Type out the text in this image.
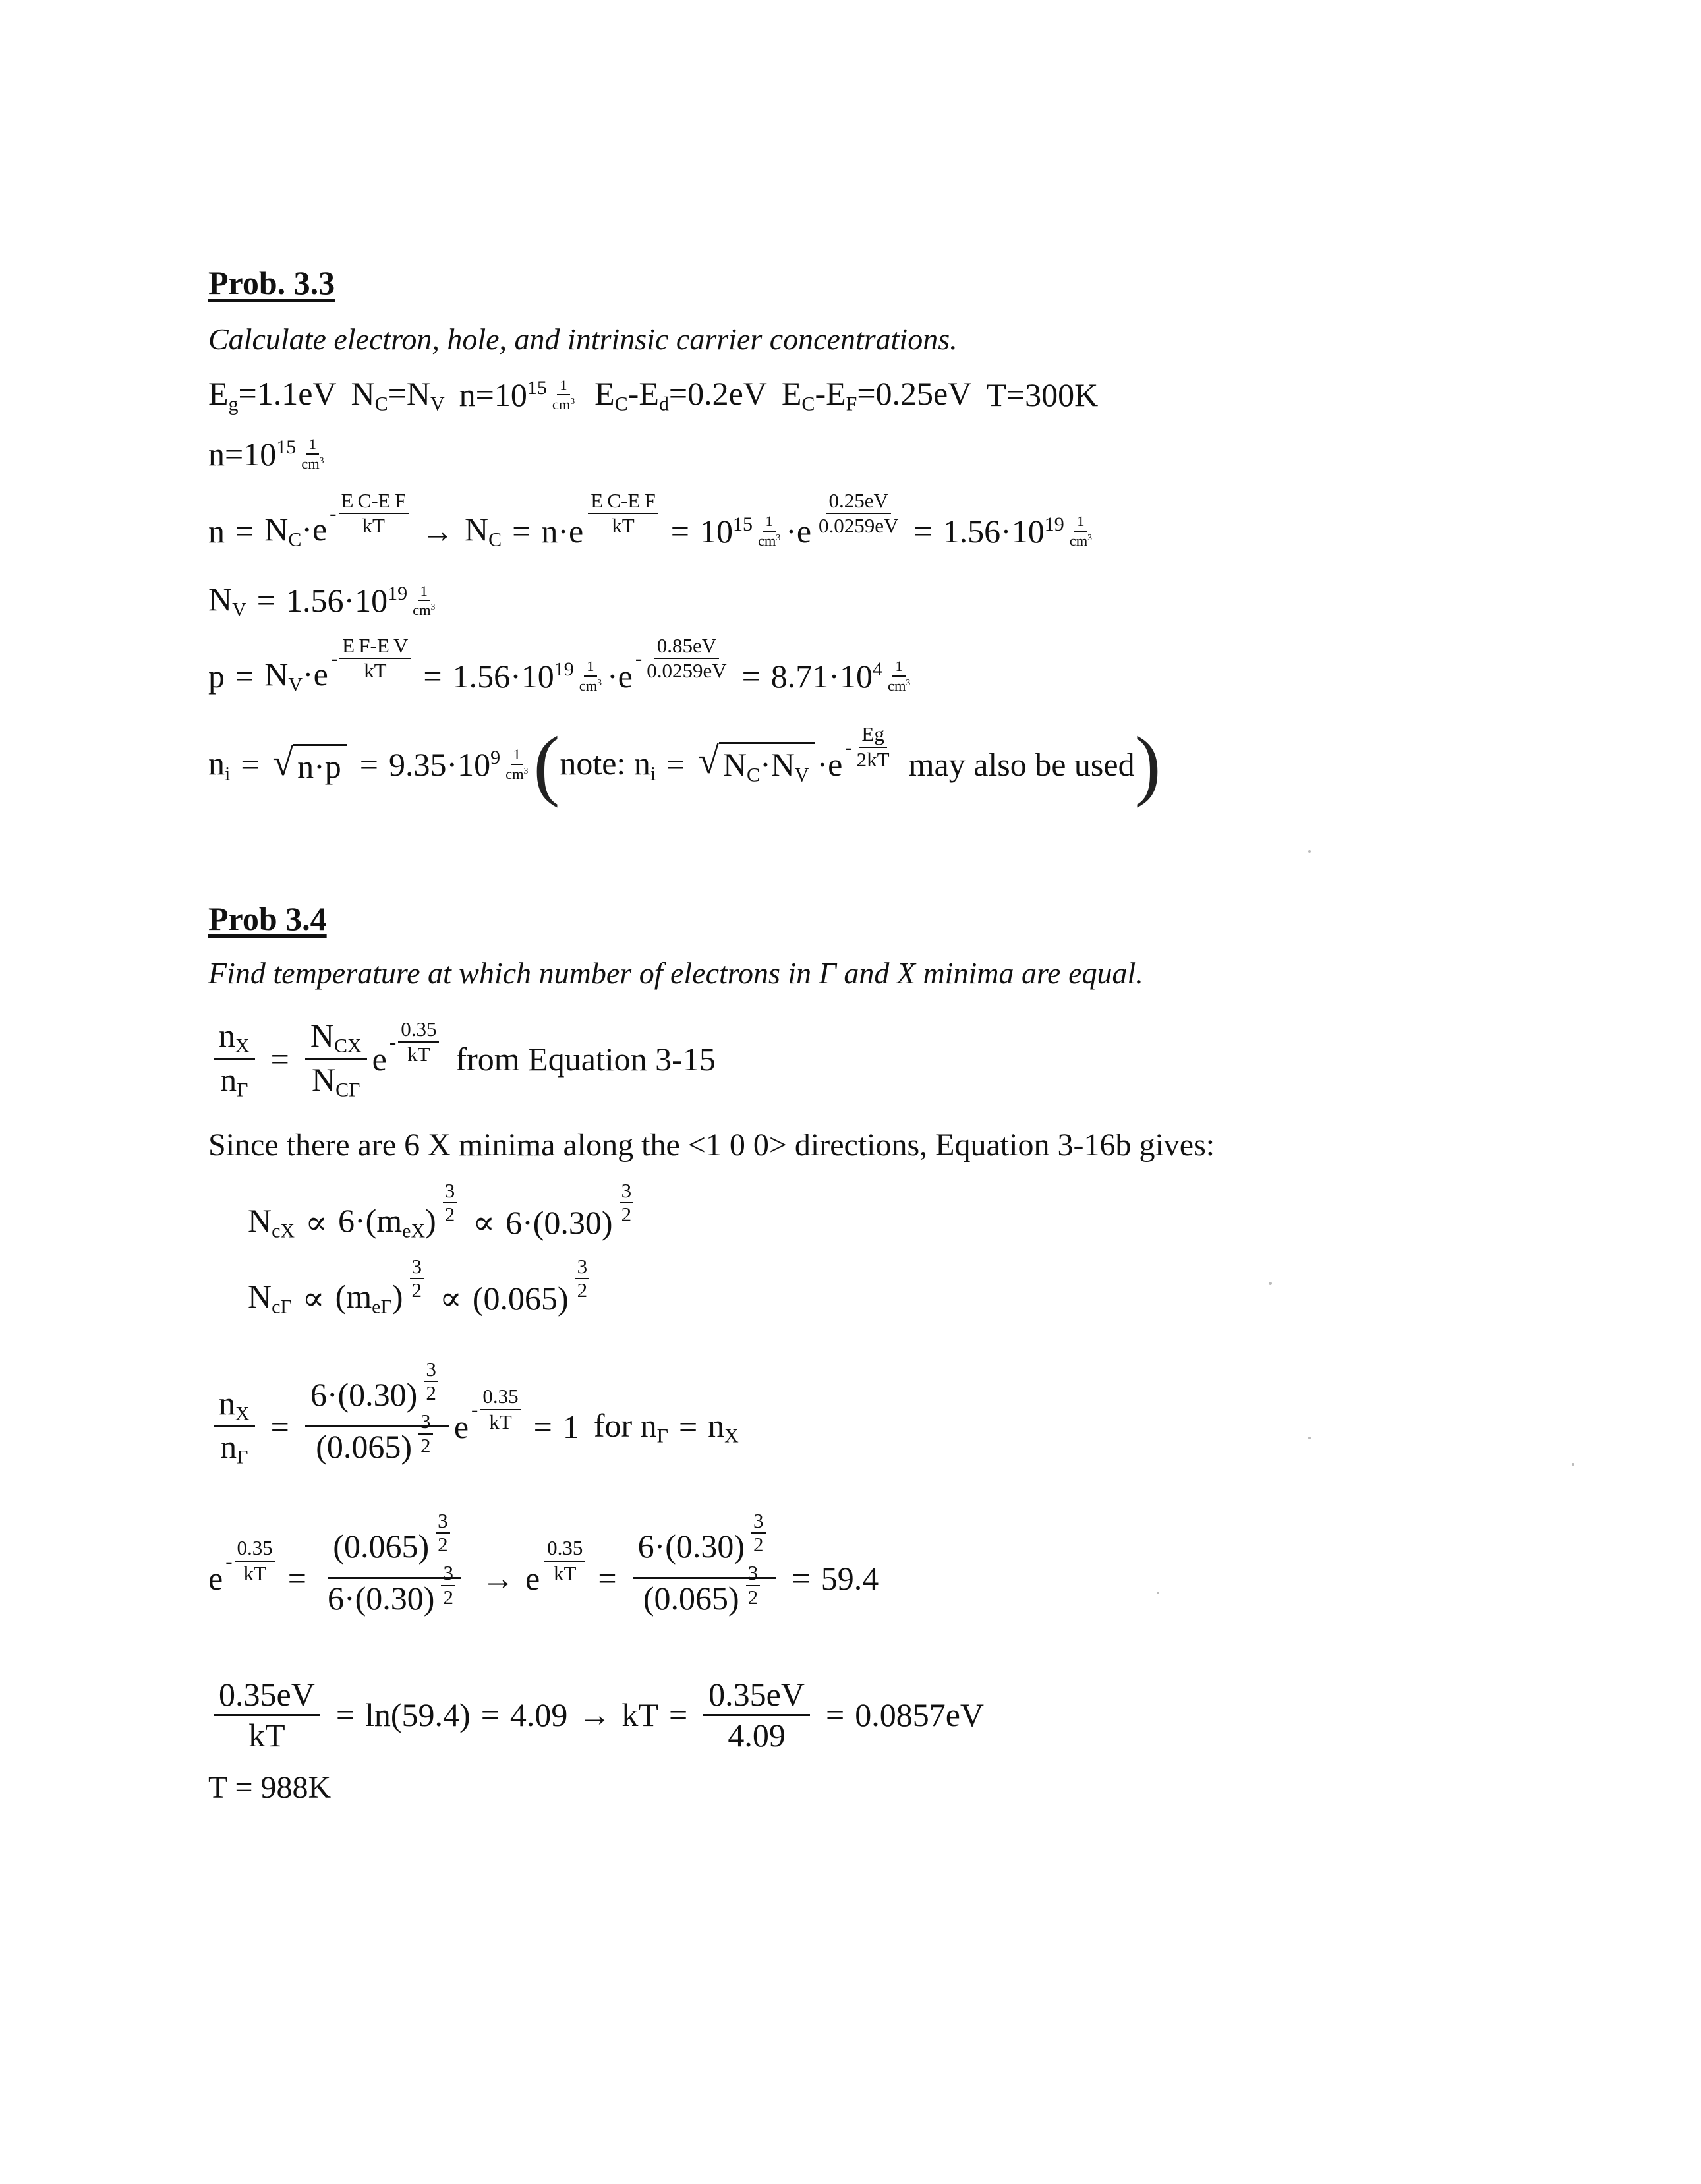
Prob. 3.3
Calculate electron, hole, and intrinsic carrier concentrations.
$E_g=1.1eV$ $N_C=N_V$ $n=10^{15} \frac{1}{cm^3} E_C-E_d=0.2eV$ $E_C-E_F=0.25eV$ T=300K
$n=10^{15} \frac{1}{cm^3}$
$n = N_C\cdot e - \frac{\text{E C-E F}}{kT} \to N_C = n\cdot e \frac{\text{E C-E F}}{kT} = 10^{15} \frac{1}{cm^3} \cdot e \frac{0.25eV}{0.0259eV} = 1.56\cdot 10^{19} \frac{1}{cm^3}$
$N_V = 1.56\cdot 10^{19} \frac{1}{cm^3}$
$p = N_V\cdot e - \frac{\text{E F-E V}}{kT} = 1.56\cdot 10^{19} \frac{1}{cm^3} \cdot e - \frac{0.85eV}{0.0259eV} = 8.71\cdot 10^4 \frac{1}{cm^3}$
$n_i$ = √ $n\cdot p = 9.35\cdot 10^9 \frac{1}{cm^3}$ ( note: $n_i$ = √ $N_C\cdot N_V \cdot e - \frac{Eg}{2kT}$ may also be used )
Prob 3.4
Find temperature at which number of electrons in Γ and X minima are equal.
$\frac{n_X}{n_\Gamma} = \frac{N_{CX}}{N_{C\Gamma}}$ e - $\frac{0.35}{kT}$ from Equation 3-15
Since there are 6 X minima along the <1 0 0> directions, Equation 3-16b gives:
$N_{cX} \propto 6\cdot(m_{eX}) \frac{3}{2} \propto 6\cdot(0.30) \frac{3}{2}$
$N_{c\Gamma} \propto (m_{e\Gamma}) \frac{3}{2} \propto (0.065) \frac{3}{2}$
$\frac{n_X}{n_\Gamma} = \frac{6\cdot(0.30) \frac{3}{2}}{(0.065) \frac{3}{2}}$ $e - \frac{0.35}{kT} = 1$ for $n_\Gamma = n_X$
$e - \frac{0.35}{kT} = \frac{(0.065) \frac{3}{2}}{6\cdot(0.30) \frac{3}{2}} \to e \frac{0.35}{kT} = \frac{6\cdot(0.30) \frac{3}{2}}{(0.065) \frac{3}{2}} = 59.4$
$\frac{0.35eV}{kT} = \ln(59.4) = 4.09$ → kT = $\frac{0.35eV}{4.09} = 0.0857eV$
T = 988K
